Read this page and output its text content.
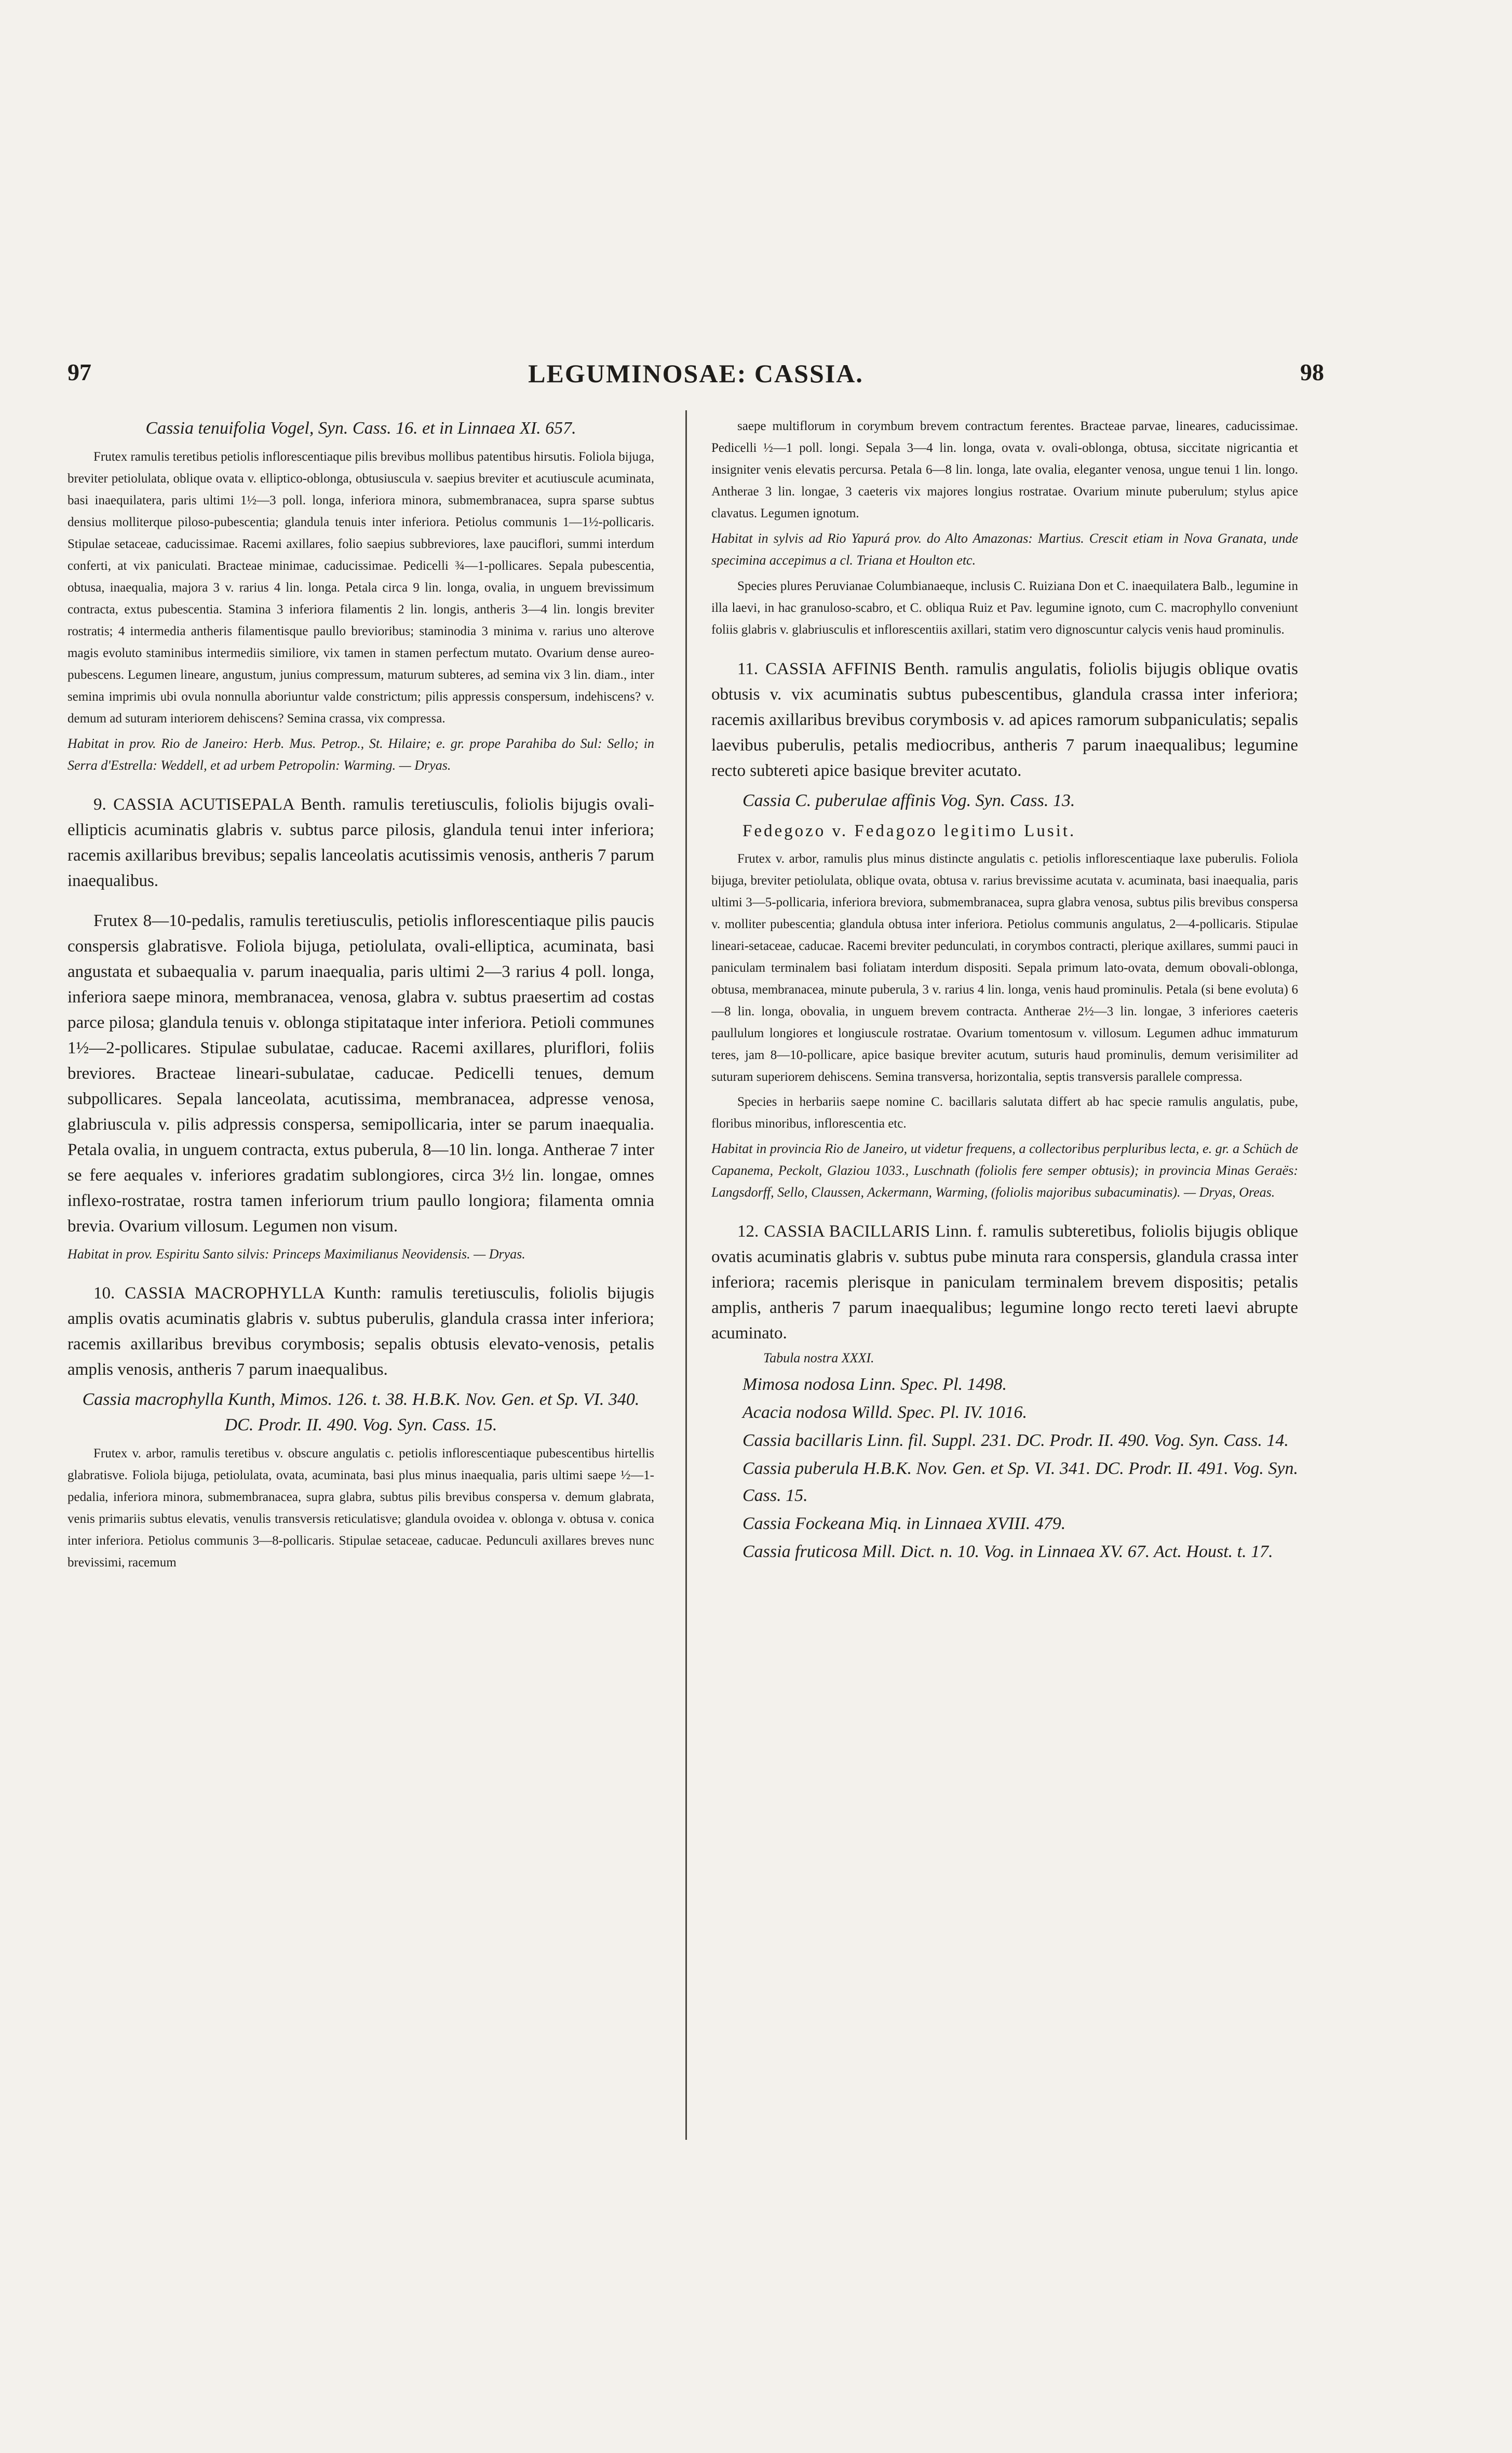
97	LEGUMINOSAE: CASSIA.	98

Cassia tenuifolia Vogel, Syn. Cass. 16. et in Linnaea XI. 657.

Frutex ramulis teretibus petiolis inflorescentiaque pilis brevibus mollibus patentibus hirsutis. Foliola bijuga, breviter petiolulata, oblique ovata v. elliptico-oblonga, obtusiuscula v. saepius breviter et acutiuscule acuminata, basi inaequilatera, paris ultimi 1½—3 poll. longa, inferiora minora, submembranacea, supra sparse subtus densius molliterque piloso-pubescentia; glandula tenuis inter inferiora. Petiolus communis 1—1½-pollicaris. Stipulae setaceae, caducissimae. Racemi axillares, folio saepius subbreviores, laxe pauciflori, summi interdum conferti, at vix paniculati. Bracteae minimae, caducissimae. Pedicelli ¾—1-pollicares. Sepala pubescentia, obtusa, inaequalia, majora 3 v. rarius 4 lin. longa. Petala circa 9 lin. longa, ovalia, in unguem brevissimum contracta, extus pubescentia. Stamina 3 inferiora filamentis 2 lin. longis, antheris 3—4 lin. longis breviter rostratis; 4 intermedia antheris filamentisque paullo brevioribus; staminodia 3 minima v. rarius uno alterove magis evoluto staminibus intermediis similiore, vix tamen in stamen perfectum mutato. Ovarium dense aureo-pubescens. Legumen lineare, angustum, junius compressum, maturum subteres, ad semina vix 3 lin. diam., inter semina imprimis ubi ovula nonnulla aboriuntur valde constrictum; pilis appressis conspersum, indehiscens? v. demum ad suturam interiorem dehiscens? Semina crassa, vix compressa.

Habitat in prov. Rio de Janeiro: Herb. Mus. Petrop., St. Hilaire; e. gr. prope Parahiba do Sul: Sello; in Serra d'Estrella: Weddell, et ad urbem Petropolin: Warming. — Dryas.

9. CASSIA ACUTISEPALA Benth. ramulis teretiusculis, foliolis bijugis ovali-ellipticis acuminatis glabris v. subtus parce pilosis, glandula tenui inter inferiora; racemis axillaribus brevibus; sepalis lanceolatis acutissimis venosis, antheris 7 parum inaequalibus.

Frutex 8—10-pedalis, ramulis teretiusculis, petiolis inflorescentiaque pilis paucis conspersis glabratisve. Foliola bijuga, petiolulata, ovali-elliptica, acuminata, basi angustata et subaequalia v. parum inaequalia, paris ultimi 2—3 rarius 4 poll. longa, inferiora saepe minora, membranacea, venosa, glabra v. subtus praesertim ad costas parce pilosa; glandula tenuis v. oblonga stipitataque inter inferiora. Petioli communes 1½—2-pollicares. Stipulae subulatae, caducae. Racemi axillares, pluriflori, foliis breviores. Bracteae lineari-subulatae, caducae. Pedicelli tenues, demum subpollicares. Sepala lanceolata, acutissima, membranacea, adpresse venosa, glabriuscula v. pilis adpressis conspersa, semipollicaria, inter se parum inaequalia. Petala ovalia, in unguem contracta, extus puberula, 8—10 lin. longa. Antherae 7 inter se fere aequales v. inferiores gradatim sublongiores, circa 3½ lin. longae, omnes inflexo-rostratae, rostra tamen inferiorum trium paullo longiora; filamenta omnia brevia. Ovarium villosum. Legumen non visum.

Habitat in prov. Espiritu Santo silvis: Princeps Maximilianus Neovidensis. — Dryas.

10. CASSIA MACROPHYLLA Kunth: ramulis teretiusculis, foliolis bijugis amplis ovatis acuminatis glabris v. subtus puberulis, glandula crassa inter inferiora; racemis axillaribus brevibus corymbosis; sepalis obtusis elevato-venosis, petalis amplis venosis, antheris 7 parum inaequalibus.

Cassia macrophylla Kunth, Mimos. 126. t. 38. H.B.K. Nov. Gen. et Sp. VI. 340. DC. Prodr. II. 490. Vog. Syn. Cass. 15.

Frutex v. arbor, ramulis teretibus v. obscure angulatis c. petiolis inflorescentiaque pubescentibus hirtellis glabratisve. Foliola bijuga, petiolulata, ovata, acuminata, basi plus minus inaequalia, paris ultimi saepe ½—1-pedalia, inferiora minora, submembranacea, supra glabra, subtus pilis brevibus conspersa v. demum glabrata, venis primariis subtus elevatis, venulis transversis reticulatisve; glandula ovoidea v. oblonga v. obtusa v. conica inter inferiora. Petiolus communis 3—8-pollicaris. Stipulae setaceae, caducae. Pedunculi axillares breves nunc brevissimi, racemum

saepe multiflorum in corymbum brevem contractum ferentes. Bracteae parvae, lineares, caducissimae. Pedicelli ½—1 poll. longi. Sepala 3—4 lin. longa, ovata v. ovali-oblonga, obtusa, siccitate nigricantia et insigniter venis elevatis percursa. Petala 6—8 lin. longa, late ovalia, eleganter venosa, ungue tenui 1 lin. longo. Antherae 3 lin. longae, 3 caeteris vix majores longius rostratae. Ovarium minute puberulum; stylus apice clavatus. Legumen ignotum.

Habitat in sylvis ad Rio Yapurá prov. do Alto Amazonas: Martius. Crescit etiam in Nova Granata, unde specimina accepimus a cl. Triana et Houlton etc.

Species plures Peruvianae Columbianaeque, inclusis C. Ruiziana Don et C. inaequilatera Balb., legumine in illa laevi, in hac granuloso-scabro, et C. obliqua Ruiz et Pav. legumine ignoto, cum C. macrophyllo conveniunt foliis glabris v. glabriusculis et inflorescentiis axillari, statim vero dignoscuntur calycis venis haud prominulis.

11. CASSIA AFFINIS Benth. ramulis angulatis, foliolis bijugis oblique ovatis obtusis v. vix acuminatis subtus pubescentibus, glandula crassa inter inferiora; racemis axillaribus brevibus corymbosis v. ad apices ramorum subpaniculatis; sepalis laevibus puberulis, petalis mediocribus, antheris 7 parum inaequalibus; legumine recto subtereti apice basique breviter acutato.

Cassia C. puberulae affinis Vog. Syn. Cass. 13.

Fedegozo v. Fedagozo legitimo Lusit.

Frutex v. arbor, ramulis plus minus distincte angulatis c. petiolis inflorescentiaque laxe puberulis. Foliola bijuga, breviter petiolulata, oblique ovata, obtusa v. rarius brevissime acutata v. acuminata, basi inaequalia, paris ultimi 3—5-pollicaria, inferiora breviora, submembranacea, supra glabra venosa, subtus pilis brevibus conspersa v. molliter pubescentia; glandula obtusa inter inferiora. Petiolus communis angulatus, 2—4-pollicaris. Stipulae lineari-setaceae, caducae. Racemi breviter pedunculati, in corymbos contracti, plerique axillares, summi pauci in paniculam terminalem basi foliatam interdum dispositi. Sepala primum lato-ovata, demum obovali-oblonga, obtusa, membranacea, minute puberula, 3 v. rarius 4 lin. longa, venis haud prominulis. Petala (si bene evoluta) 6—8 lin. longa, obovalia, in unguem brevem contracta. Antherae 2½—3 lin. longae, 3 inferiores caeteris paullulum longiores et longiuscule rostratae. Ovarium tomentosum v. villosum. Legumen adhuc immaturum teres, jam 8—10-pollicare, apice basique breviter acutum, suturis haud prominulis, demum verisimiliter ad suturam superiorem dehiscens. Semina transversa, horizontalia, septis transversis parallele compressa.

Species in herbariis saepe nomine C. bacillaris salutata differt ab hac specie ramulis angulatis, pube, floribus minoribus, inflorescentia etc.

Habitat in provincia Rio de Janeiro, ut videtur frequens, a collectoribus perpluribus lecta, e. gr. a Schüch de Capanema, Peckolt, Glaziou 1033., Luschnath (foliolis fere semper obtusis); in provincia Minas Geraës: Langsdorff, Sello, Claussen, Ackermann, Warming, (foliolis majoribus subacuminatis). — Dryas, Oreas.

12. CASSIA BACILLARIS Linn. f. ramulis subteretibus, foliolis bijugis oblique ovatis acuminatis glabris v. subtus pube minuta rara conspersis, glandula crassa inter inferiora; racemis plerisque in paniculam terminalem brevem dispositis; petalis amplis, antheris 7 parum inaequalibus; legumine longo recto tereti laevi abrupte acuminato.

Tabula nostra XXXI.

Mimosa nodosa Linn. Spec. Pl. 1498.

Acacia nodosa Willd. Spec. Pl. IV. 1016.

Cassia bacillaris Linn. fil. Suppl. 231. DC. Prodr. II. 490. Vog. Syn. Cass. 14.

Cassia puberula H.B.K. Nov. Gen. et Sp. VI. 341. DC. Prodr. II. 491. Vog. Syn. Cass. 15.

Cassia Fockeana Miq. in Linnaea XVIII. 479.

Cassia fruticosa Mill. Dict. n. 10. Vog. in Linnaea XV. 67. Act. Houst. t. 17.
